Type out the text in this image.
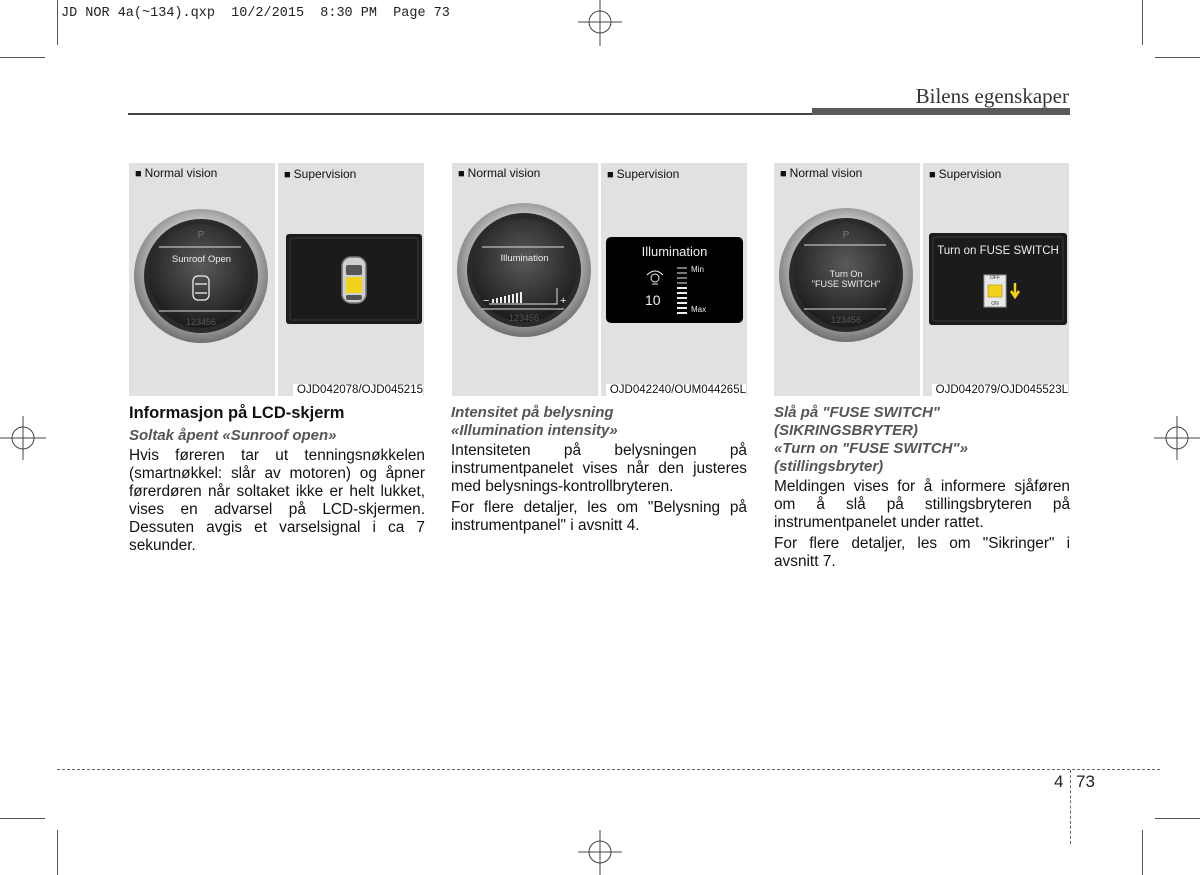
JD NOR 4a(~134).qxp  10/2/2015  8:30 PM  Page 73
Bilens egenskaper
P
123456
■ Normal vision	■ Supervision
Sunroof Open
OJD042078/OJD045215
123456
−	+
■ Normal vision	■ Supervision
Illumination	Illumination
10
Min
Max
OJD042240/OUM044265L
P
123456
■ Normal vision	■ Supervision
Turn On
"FUSE SWITCH"
Turn on FUSE SWITCH
OFF
ON
OJD042079/OJD045523L
Informasjon på LCD-skjerm
Soltak åpent «Sunroof open»

Hvis føreren tar ut tenningsnøkkelen (smartnøkkel: slår av motoren) og åpner førerdøren når soltaket ikke er helt lukket, vises en advarsel på LCD-skjermen. Dessuten avgis et varselsignal i ca 7 sekunder.

Intensitet på belysning
«Illumination intensity»

Intensiteten på belysningen på instrumentpanelet vises når den justeres med belysnings-kontrollbryteren.

For flere detaljer, les om "Belysning på instrumentpanel" i avsnitt 4.

Slå på "FUSE SWITCH"
(SIKRINGSBRYTER)
«Turn on "FUSE SWITCH"»
(stillingsbryter)

Meldingen vises for å informere sjåføren om å slå på stillingsbryteren på instrumentpanelet under rattet.

For flere detaljer, les om "Sikringer" i avsnitt 7.

4 73
